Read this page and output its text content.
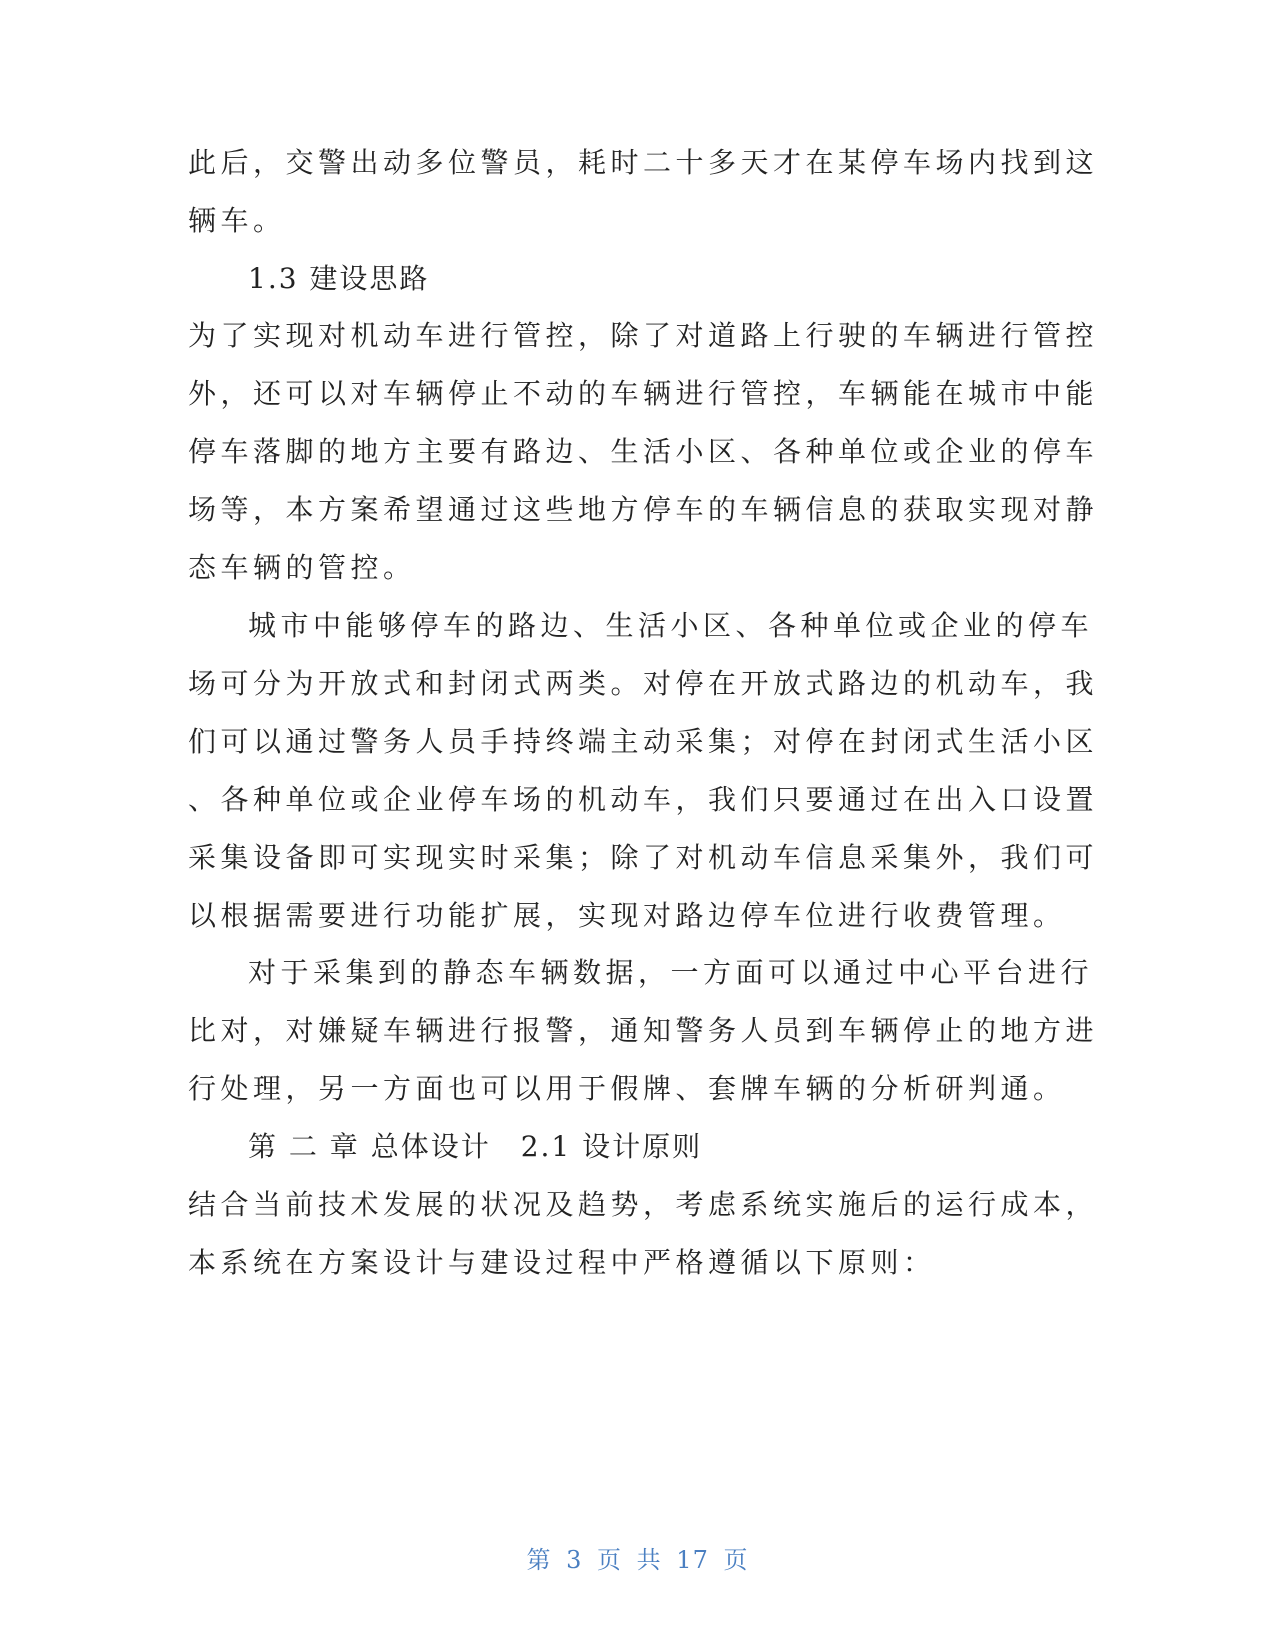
此后，交警出动多位警员，耗时二十多天才在某停车场内找到这
辆车。
1.3 建设思路
为了实现对机动车进行管控，除了对道路上行驶的车辆进行管控
外，还可以对车辆停止不动的车辆进行管控，车辆能在城市中能
停车落脚的地方主要有路边、生活小区、各种单位或企业的停车
场等，本方案希望通过这些地方停车的车辆信息的获取实现对静
态车辆的管控。
城市中能够停车的路边、生活小区、各种单位或企业的停车
场可分为开放式和封闭式两类。对停在开放式路边的机动车，我
们可以通过警务人员手持终端主动采集；对停在封闭式生活小区
、各种单位或企业停车场的机动车，我们只要通过在出入口设置
采集设备即可实现实时采集；除了对机动车信息采集外，我们可
以根据需要进行功能扩展，实现对路边停车位进行收费管理。
对于采集到的静态车辆数据，一方面可以通过中心平台进行
比对，对嫌疑车辆进行报警，通知警务人员到车辆停止的地方进
行处理，另一方面也可以用于假牌、套牌车辆的分析研判通。
第 二 章 总体设计　2.1 设计原则
结合当前技术发展的状况及趋势，考虑系统实施后的运行成本，
本系统在方案设计与建设过程中严格遵循以下原则：
第 3 页 共 17 页
